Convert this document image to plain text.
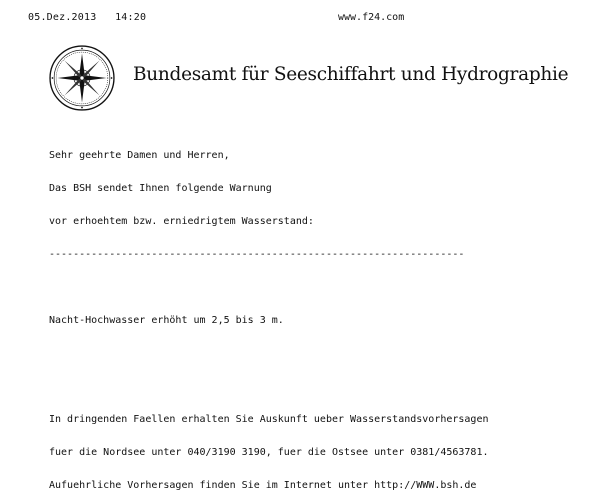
05.Dez.2013   14:20	www.f24.com
Bundesamt für Seeschiffahrt und Hydrographie

Sehr geehrte Damen und Herren,

Das BSH sendet Ihnen folgende Warnung

vor erhoehtem bzw. erniedrigtem Wasserstand:

---------------------------------------------------------------------

Nacht-Hochwasser erhöht um 2,5 bis 3 m.

In dringenden Faellen erhalten Sie Auskunft ueber Wasserstandsvorhersagen

fuer die Nordsee unter 040/3190 3190, fuer die Ostsee unter 0381/4563781.

Aufuehrliche Vorhersagen finden Sie im Internet unter http://WWW.bsh.de
